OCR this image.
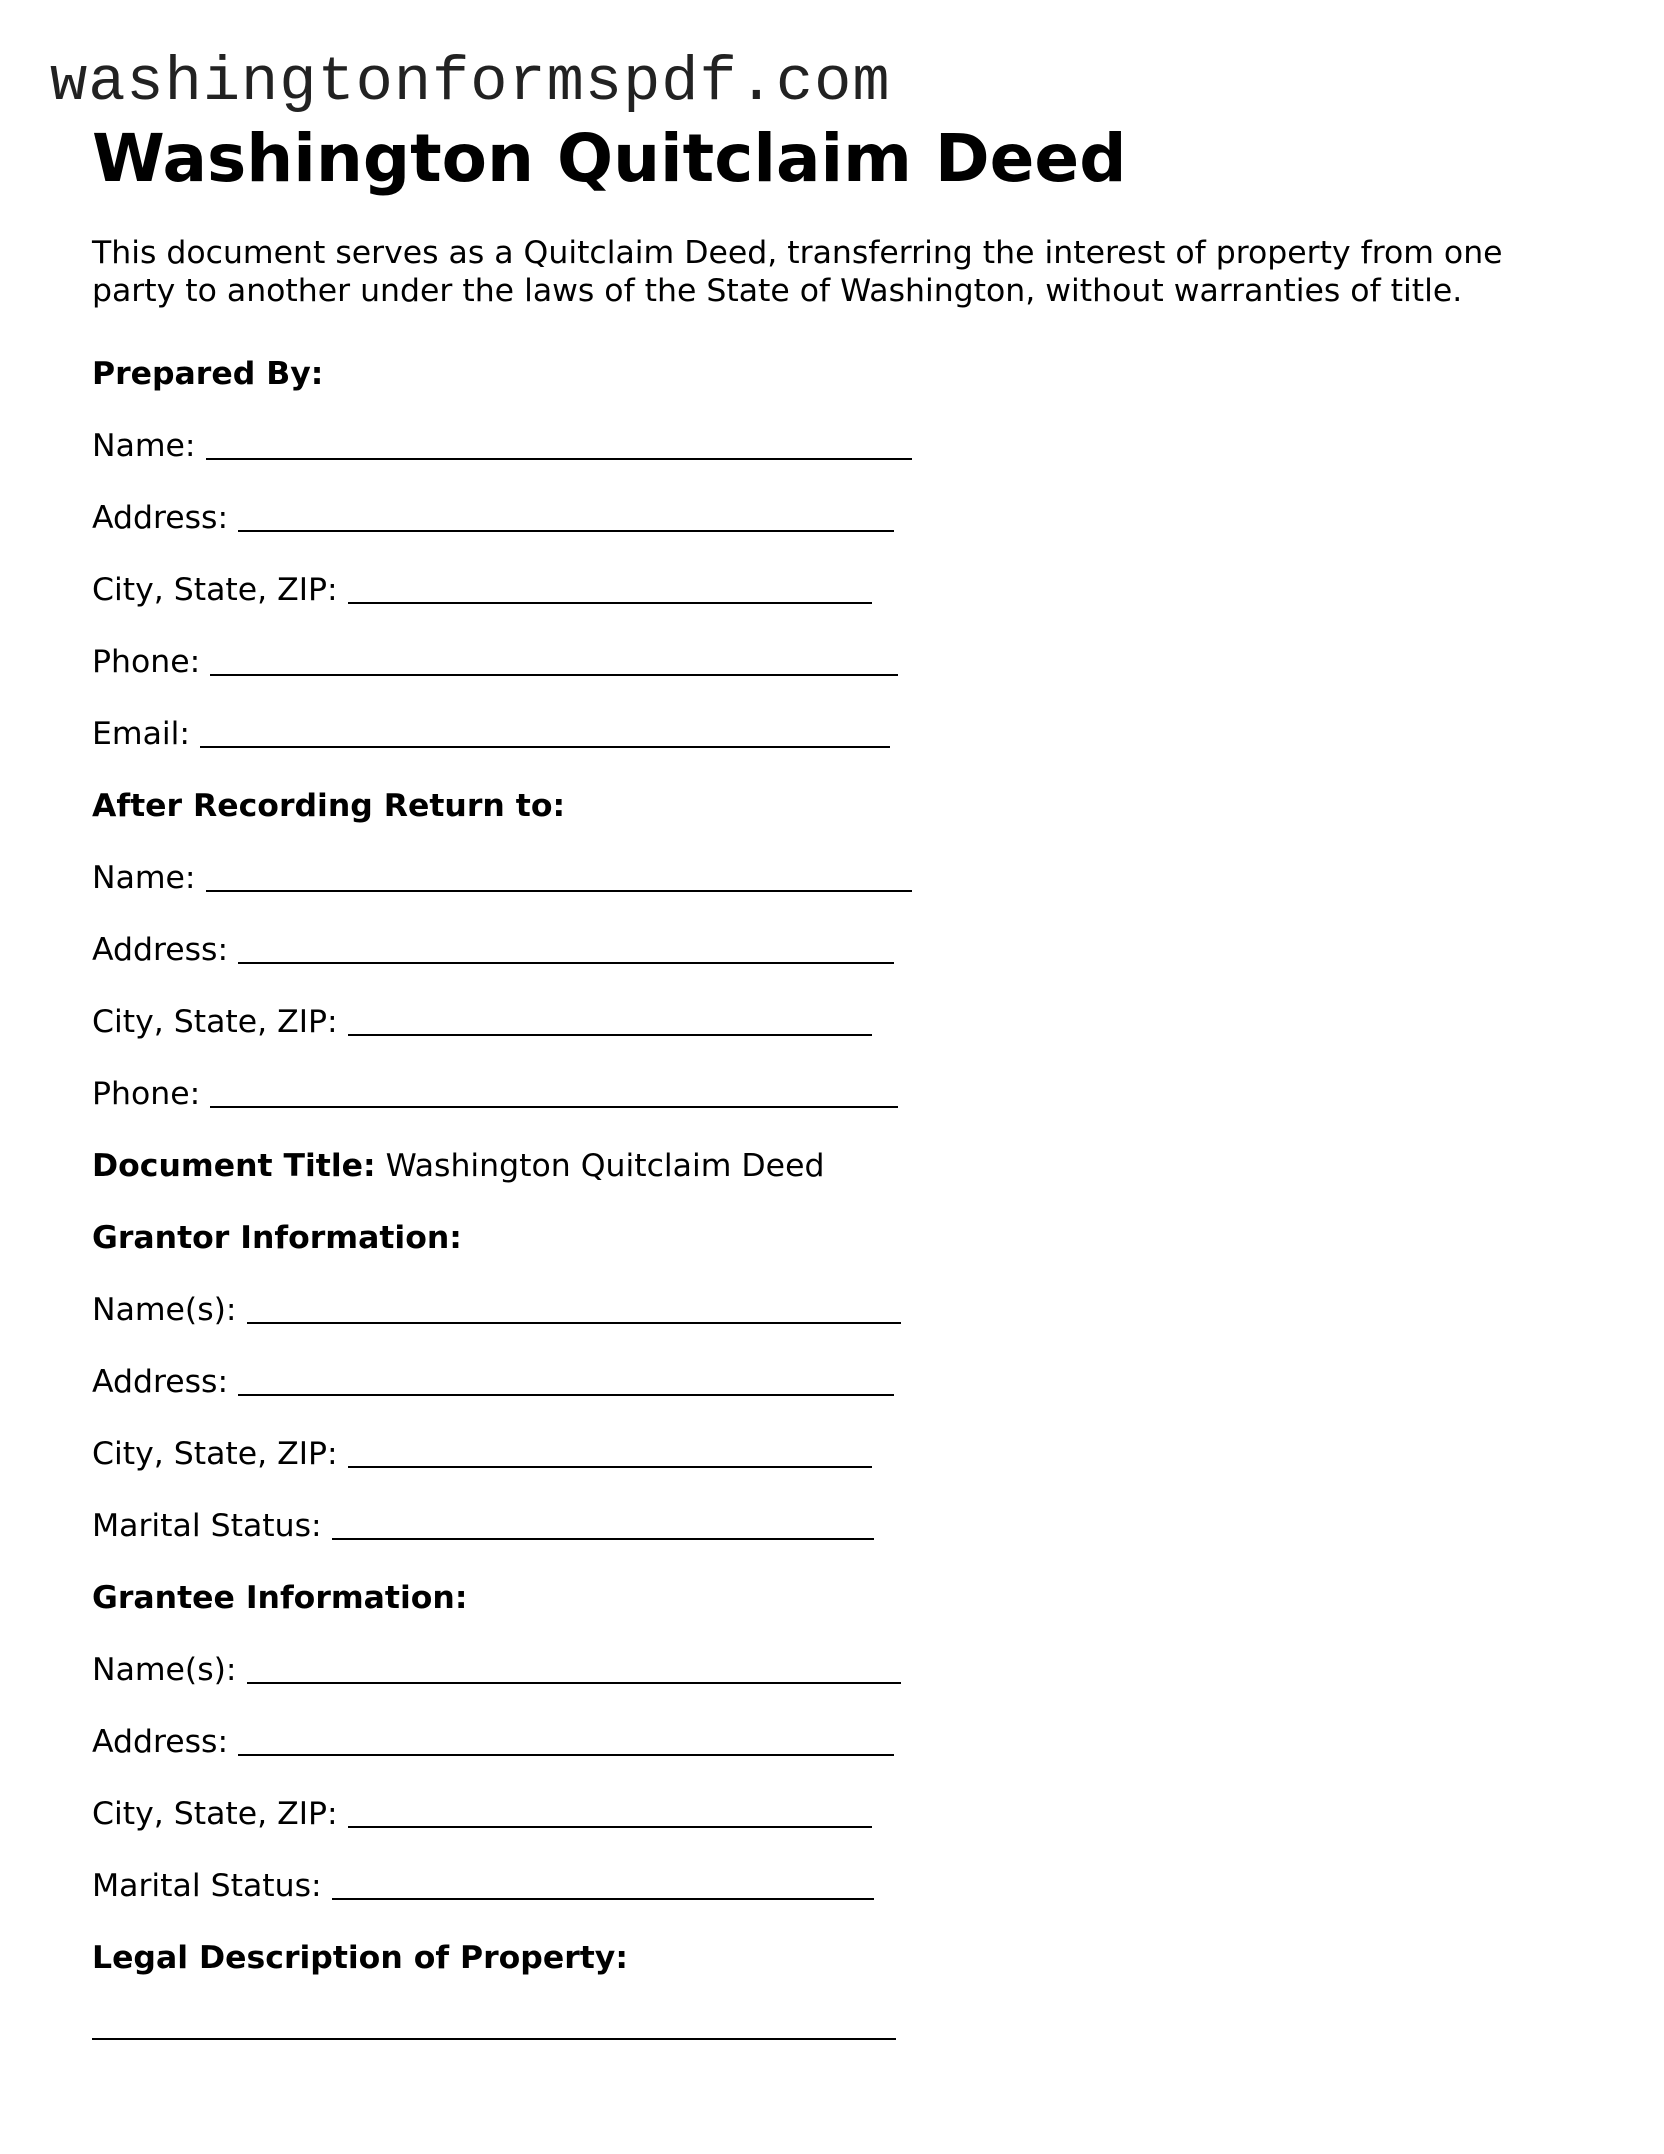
washingtonformspdf.com
Washington Quitclaim Deed

This document serves as a Quitclaim Deed, transferring the interest of property from one party to another under the laws of the State of Washington, without warranties of title.

Prepared By:
Name:
Address:
City, State, ZIP:
Phone:
Email:
After Recording Return to:
Name:
Address:
City, State, ZIP:
Phone:
Document Title: Washington Quitclaim Deed
Grantor Information:
Name(s):
Address:
City, State, ZIP:
Marital Status:
Grantee Information:
Name(s):
Address:
City, State, ZIP:
Marital Status:
Legal Description of Property:
